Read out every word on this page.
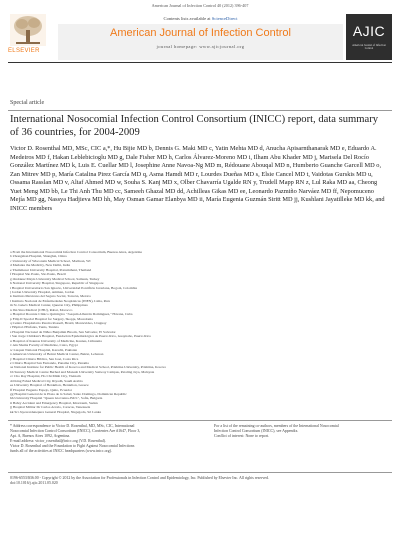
American Journal of Infection Control 40 (2012) 396-407
ELSEVIER
Contents lists available at ScienceDirect
American Journal of Infection Control
journal homepage: www.ajicjournal.org
AJIC
American Journal of Infection Control
Special article
International Nosocomial Infection Control Consortium (INICC) report, data summary of 36 countries, for 2004-2009
Victor D. Rosenthal MD, MSc, CIC a,*, Hu Bijie MD b, Dennis G. Maki MD c, Yatin Mehta MD d, Anucha Apisarnthanarak MD e, Eduardo A. Medeiros MD f, Hakan Leblebicioglu MD g, Dale Fisher MD h, Carlos Álvarez-Moreno MD i, Ilham Abu Khader MD j, Marisela Del Rocío González Martínez MD k, Luis E. Cuellar MD l, Josephine Anne Navoa-Ng MD m, Rédouane Abouqal MD n, Humberto Guanche Garcell MD o, Zan Mitrev MD p, María Catalina Pirez García MD q, Asma Hamdi MD r, Lourdes Dueñas MD s, Elsie Cancel MD t, Vaidotas Gurskis MD u, Ossama Rasslan MD v, Altaf Ahmed MD w, Souha S. Kanj MD x, Olber Chavarría Ugalde RN y, Trudell Mapp RN z, Lul Raka MD aa, Cheong Yuet Meng MD bb, Le Thi Anh Thu MD cc, Sameeh Ghazal MD dd, Achilleas Gikas MD ee, Leonardo Pazmiño Narváez MD ff, Nepomuceno Mejía MD gg, Nassya Hadjieva MD hh, May Osman Gamar Elanbya MD ii, María Eugenia Guzmán Siritt MD jj, Kushlani Jayatilleke MD kk, and INICC members
a From the International Nosocomial Infection Control Consortium, Buenos Aires, Argentina
b Zhongshan Hospital, Shanghai, China
c University of Wisconsin Medical School, Madison, WI
d Medanta the Medicity, New Delhi, India
e Thammasat University Hospital, Pratumthani, Thailand
f Hospital São Paulo, São Paulo, Brazil
g Ondokuz Mayis University Medical School, Samsun, Turkey
h National University Hospital, Singapore, Republic of Singapore
i Hospital Universitario San Ignacio, Universidad Pontificia Javeriana, Bogotá, Colombia
j Jordan University Hospital, Amman, Jordan
k Instituto Mexicano del Seguro Social, Torreón, Mexico
l Instituto Nacional de Enfermedades Neoplásicas (INEN), Lima, Peru
m St. Luke's Medical Center, Quezon City, Philippines
n Ibn Sina Medical (CHU), Rabat, Morocco
o Hospital Docente Clínico Quirúrgico "Joaquín Albarrán Domínguez," Havana, Cuba
p Filip II Special Hospital for Surgery, Skopje, Macedonia
q Centro Hospitalario Pereira Rossell, Brazil, Montevideo, Uruguay
r Hôpital d'Enfants, Tunis, Tunisia
s Hospital Nacional de Niños Benjamín Bloom, San Salvador, El Salvador
t San Jorge Children's Hospital, Fundación Epidemiológica de Puerto Rico, Guaynabo, Puerto Rico
u Hospital of Kaunas University of Medicine, Kaunas, Lithuania
v Ain Shams Faculty of Medicine, Cairo, Egypt
w Liaquat National Hospital, Karachi, Pakistan
x American University of Beirut Medical Center, Beirut, Lebanon
y Hospital Clínica Bíblica, San José, Costa Rica
z Clínica Hospital San Fernando, Panama City, Panama
aa National Institute for Public Health of Kosova and Medical School, Prishtina University, Prishtina, Kosovo
bb Sunway Medical Centre Berhad and Monash University Sunway Campus, Petaling Jaya, Malaysia
cc Cho Ray Hospital, Ho Chi Minh City, Vietnam
dd King Fahad Medical City, Riyadh, Saudi Arabia
ee University Hospital of Heraklion, Heraklion, Greece
ff Hospital Eugenio Espejo, Quito, Ecuador
gg Hospital General de la Plaza de la Salud, Santo Domingo, Dominican Republic
hh University Hospital "Queen Giovanna-ISUL", Sofia, Bulgaria
ii Bahry Accident and Emergency Hospital, Khartoum, Sudan
jj Hospital Militar Dr Carlos Arvelo, Caracas, Venezuela
kk Sri Jayewardenepura General Hospital, Nugegoda, Sri Lanka
* Address correspondence to Victor D. Rosenthal, MD, MSc, CIC, International
Nosocomial Infection Control Consortium (INICC), Corrientes Ave #1647, Floor 3,
Apt. A, Buenos Aires 1092, Argentina.
E-mail address: victor_rosenthal@inicc.org (V.D. Rosenthal).
Victor D. Rosenthal and the Foundation to Fight Against Nosocomial Infections
funds all of the activities at INICC headquarters (www.inicc.org).
For a list of the remaining co-authors, members of the International Nosocomial
Infection Control Consortium (INICC), see Appendix.
Conflict of interest: None to report.
0196-6553/$36.00 - Copyright © 2012 by the Association for Professionals in Infection Control and Epidemiology, Inc. Published by Elsevier Inc. All rights reserved.
doi:10.1016/j.ajic.2011.05.020
